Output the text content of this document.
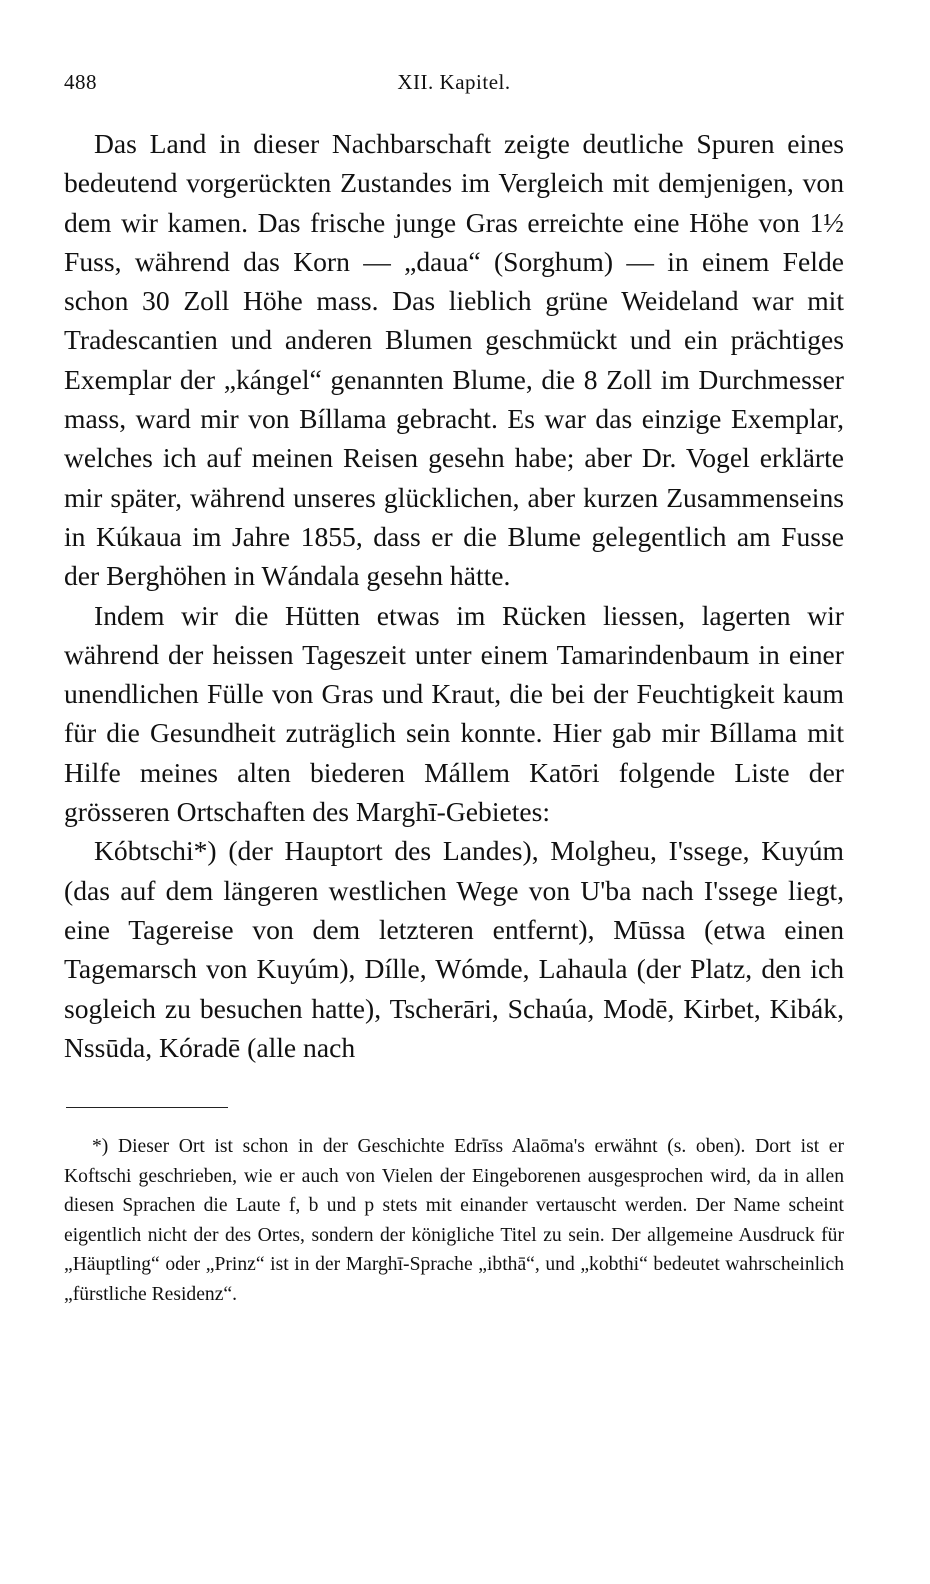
488	XII. Kapitel.

Das Land in dieser Nachbarschaft zeigte deutliche Spuren eines bedeutend vorgerückten Zustandes im Vergleich mit demjenigen, von dem wir kamen. Das frische junge Gras erreichte eine Höhe von 1½ Fuss, während das Korn — „daua“ (Sorghum) — in einem Felde schon 30 Zoll Höhe mass. Das lieblich grüne Weideland war mit Tradescantien und anderen Blumen geschmückt und ein prächtiges Exemplar der „kángel“ genannten Blume, die 8 Zoll im Durchmesser mass, ward mir von Bíllama gebracht. Es war das einzige Exemplar, welches ich auf meinen Reisen gesehn habe; aber Dr. Vogel erklärte mir später, während unseres glücklichen, aber kurzen Zusammenseins in Kúkaua im Jahre 1855, dass er die Blume gelegentlich am Fusse der Berghöhen in Wándala gesehn hätte.

Indem wir die Hütten etwas im Rücken liessen, lagerten wir während der heissen Tageszeit unter einem Tamarindenbaum in einer unendlichen Fülle von Gras und Kraut, die bei der Feuchtigkeit kaum für die Gesundheit zuträglich sein konnte. Hier gab mir Bíllama mit Hilfe meines alten biederen Mállem Katōri folgende Liste der grösseren Ortschaften des Marghī-Gebietes:

Kóbtschi*) (der Hauptort des Landes), Molgheu, I'ssege, Kuyúm (das auf dem längeren westlichen Wege von U'ba nach I'ssege liegt, eine Tagereise von dem letzteren entfernt), Mūssa (etwa einen Tagemarsch von Kuyúm), Dílle, Wómde, Lahaula (der Platz, den ich sogleich zu besuchen hatte), Tscherāri, Schaúa, Modē, Kirbet, Kibák, Nssūda, Kóradē (alle nach

*) Dieser Ort ist schon in der Geschichte Edrīss Alaōma's erwähnt (s. oben). Dort ist er Koftschi geschrieben, wie er auch von Vielen der Eingeborenen ausgesprochen wird, da in allen diesen Sprachen die Laute f, b und p stets mit einander vertauscht werden. Der Name scheint eigentlich nicht der des Ortes, sondern der königliche Titel zu sein. Der allgemeine Ausdruck für „Häuptling“ oder „Prinz“ ist in der Marghī-Sprache „ibthā“, und „kobthi“ bedeutet wahrscheinlich „fürstliche Residenz“.
